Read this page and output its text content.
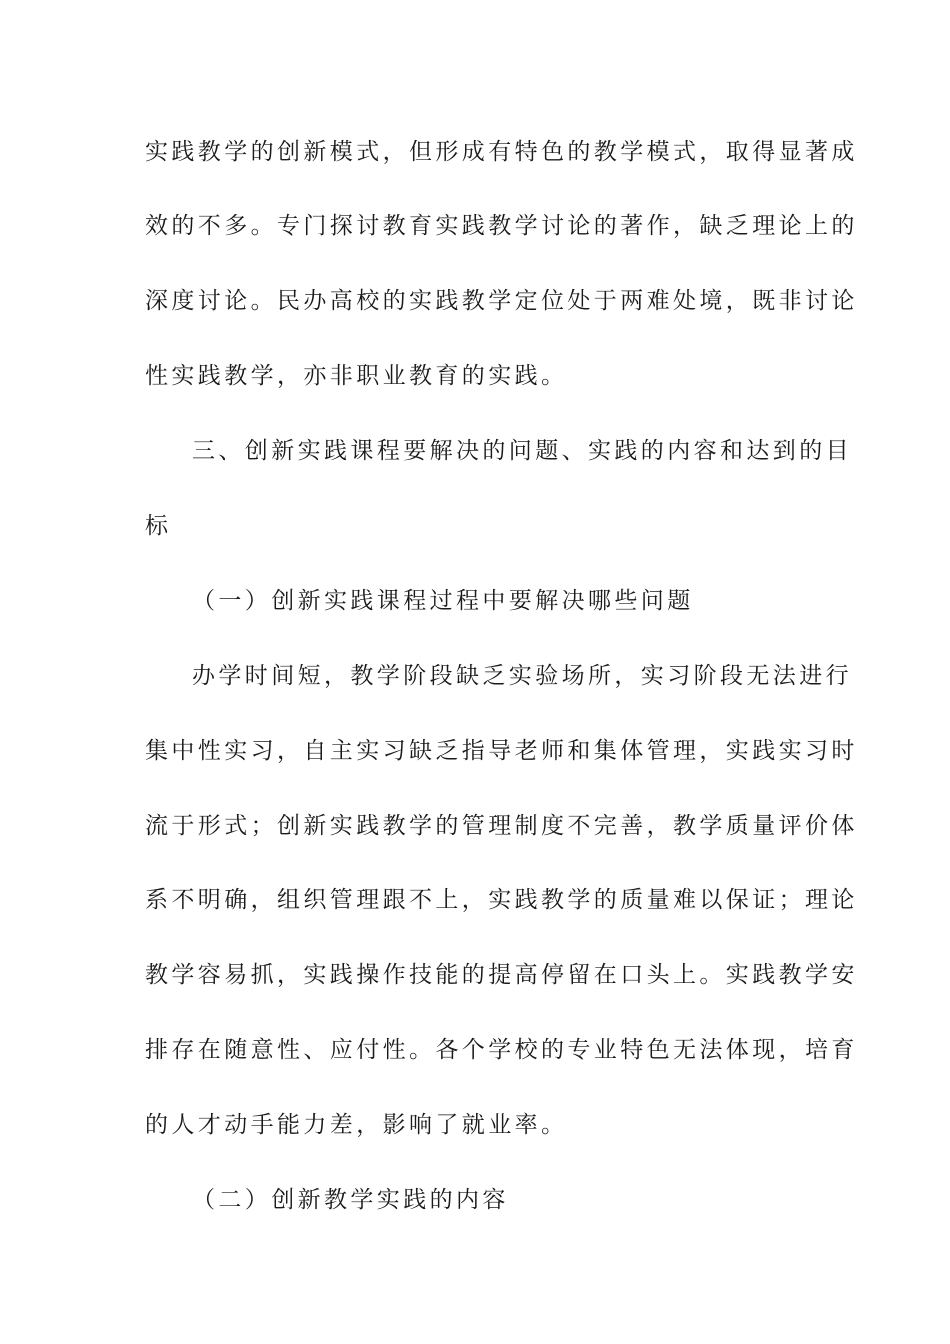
实践教学的创新模式，但形成有特色的教学模式，取得显著成
效的不多。专门探讨教育实践教学讨论的著作，缺乏理论上的
深度讨论。民办高校的实践教学定位处于两难处境，既非讨论
性实践教学，亦非职业教育的实践。
三、创新实践课程要解决的问题、实践的内容和达到的目
标
（一）创新实践课程过程中要解决哪些问题
办学时间短，教学阶段缺乏实验场所，实习阶段无法进行
集中性实习，自主实习缺乏指导老师和集体管理，实践实习时
流于形式；创新实践教学的管理制度不完善，教学质量评价体
系不明确，组织管理跟不上，实践教学的质量难以保证；理论
教学容易抓，实践操作技能的提高停留在口头上。实践教学安
排存在随意性、应付性。各个学校的专业特色无法体现，培育
的人才动手能力差，影响了就业率。
（二）创新教学实践的内容
